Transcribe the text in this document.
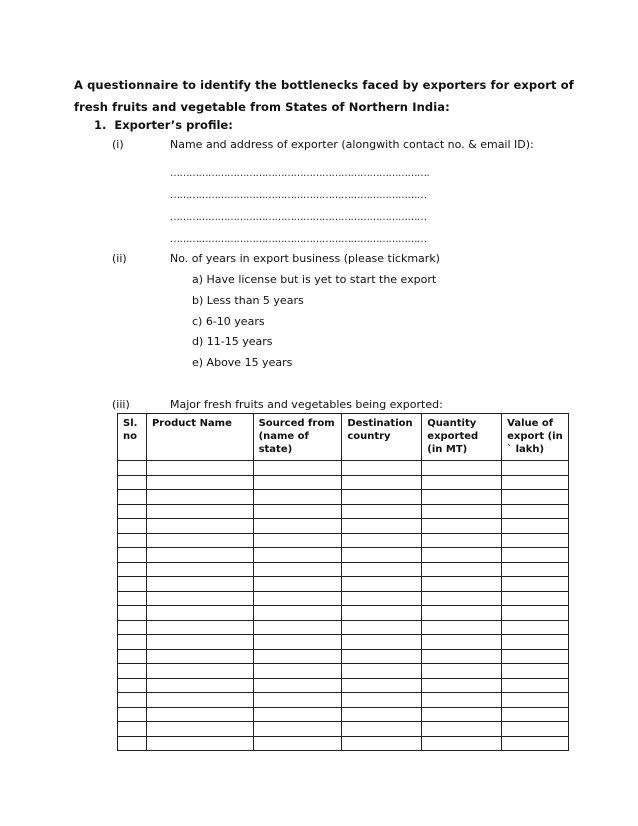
A questionnaire to identify the bottlenecks faced by exporters for export of fresh fruits and vegetable from States of Northern India:
1. Exporter’s profile:
(i)	Name and address of exporter (alongwith contact no. & email ID):
……………………………………………………………………….
………………………………………………………………………
………………………………………………………………………
………………………………………………………………………
(ii)	No. of years in export business (please tickmark)
a) Have license but is yet to start the export
b) Less than 5 years
c) 6-10 years
d) 11-15 years
e) Above 15 years
(iii)	Major fresh fruits and vegetables being exported:
Sl. no	Product Name	Sourced from (name of state)	Destination country	Quantity exported (in MT)	Value of export (in ` lakh)
